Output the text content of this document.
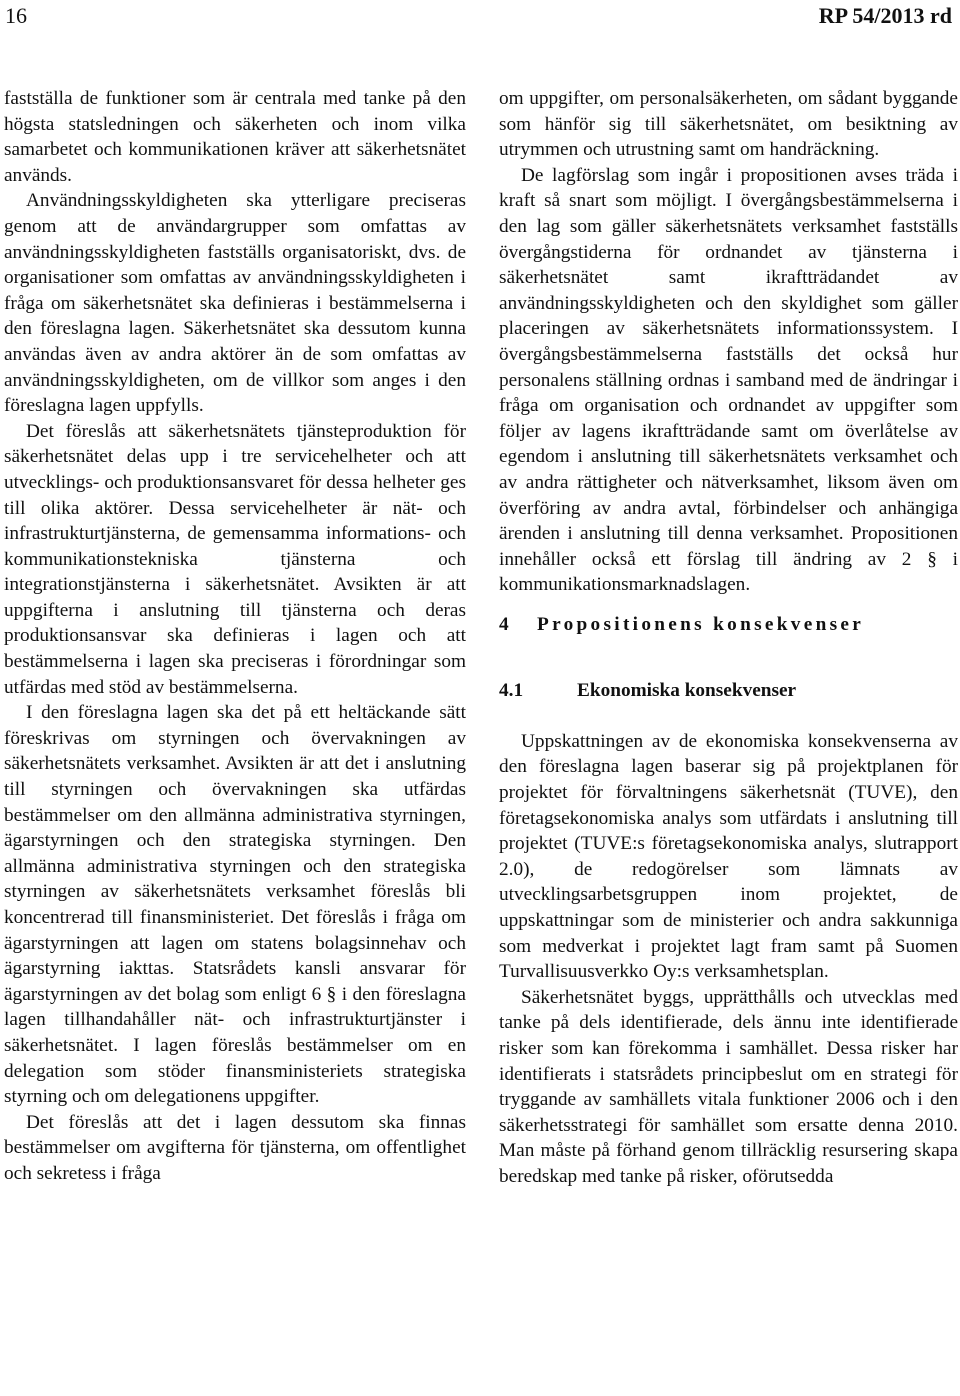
16	RP 54/2013 rd

fastställa de funktioner som är centrala med tanke på den högsta statsledningen och säkerheten och inom vilka samarbetet och kommunikationen kräver att säkerhetsnätet används.

Användningsskyldigheten ska ytterligare preciseras genom att de användargrupper som omfattas av användningsskyldigheten fastställs organisatoriskt, dvs. de organisationer som omfattas av användningsskyldigheten i fråga om säkerhetsnätet ska definieras i bestämmelserna i den föreslagna lagen. Säkerhetsnätet ska dessutom kunna användas även av andra aktörer än de som omfattas av användningsskyldigheten, om de villkor som anges i den föreslagna lagen uppfylls.

Det föreslås att säkerhetsnätets tjänsteproduktion för säkerhetsnätet delas upp i tre servicehelheter och att utvecklings- och produktionsansvaret för dessa helheter ges till olika aktörer. Dessa servicehelheter är nät- och infrastrukturtjänsterna, de gemensamma informations- och kommunikationstekniska tjänsterna och integrationstjänsterna i säkerhetsnätet. Avsikten är att uppgifterna i anslutning till tjänsterna och deras produktionsansvar ska definieras i lagen och att bestämmelserna i lagen ska preciseras i förordningar som utfärdas med stöd av bestämmelserna.

I den föreslagna lagen ska det på ett heltäckande sätt föreskrivas om styrningen och övervakningen av säkerhetsnätets verksamhet. Avsikten är att det i anslutning till styrningen och övervakningen ska utfärdas bestämmelser om den allmänna administrativa styrningen, ägarstyrningen och den strategiska styrningen. Den allmänna administrativa styrningen och den strategiska styrningen av säkerhetsnätets verksamhet föreslås bli koncentrerad till finansministeriet. Det föreslås i fråga om ägarstyrningen att lagen om statens bolagsinnehav och ägarstyrning iakttas. Statsrådets kansli ansvarar för ägarstyrningen av det bolag som enligt 6 § i den föreslagna lagen tillhandahåller nät- och infrastrukturtjänster i säkerhetsnätet. I lagen föreslås bestämmelser om en delegation som stöder finansministeriets strategiska styrning och om delegationens uppgifter.

Det föreslås att det i lagen dessutom ska finnas bestämmelser om avgifterna för tjänsterna, om offentlighet och sekretess i fråga

om uppgifter, om personalsäkerheten, om sådant byggande som hänför sig till säkerhetsnätet, om besiktning av utrymmen och utrustning samt om handräckning.

De lagförslag som ingår i propositionen avses träda i kraft så snart som möjligt. I övergångsbestämmelserna i den lag som gäller säkerhetsnätets verksamhet fastställs övergångstiderna för ordnandet av tjänsterna i säkerhetsnätet samt ikraftträdandet av användningsskyldigheten och den skyldighet som gäller placeringen av säkerhetsnätets informationssystem. I övergångsbestämmelserna fastställs det också hur personalens ställning ordnas i samband med de ändringar i fråga om organisation och ordnandet av uppgifter som följer av lagens ikraftträdande samt om överlåtelse av egendom i anslutning till säkerhetsnätets verksamhet och av andra rättigheter och nätverksamhet, liksom även om överföring av andra avtal, förbindelser och anhängiga ärenden i anslutning till denna verksamhet. Propositionen innehåller också ett förslag till ändring av 2 § i kommunikationsmarknadslagen.

4 Propositionens konsekvenser
4.1	Ekonomiska konsekvenser

Uppskattningen av de ekonomiska konsekvenserna av den föreslagna lagen baserar sig på projektplanen för projektet för förvaltningens säkerhetsnät (TUVE), den företagsekonomiska analys som utfärdats i anslutning till projektet (TUVE:s företagsekonomiska analys, slutrapport 2.0), de redogörelser som lämnats av utvecklingsarbetsgruppen inom projektet, de uppskattningar som de ministerier och andra sakkunniga som medverkat i projektet lagt fram samt på Suomen Turvallisuusverkko Oy:s verksamhetsplan.

Säkerhetsnätet byggs, upprätthålls och utvecklas med tanke på dels identifierade, dels ännu inte identifierade risker som kan förekomma i samhället. Dessa risker har identifierats i statsrådets principbeslut om en strategi för tryggande av samhällets vitala funktioner 2006 och i den säkerhetsstrategi för samhället som ersatte denna 2010. Man måste på förhand genom tillräcklig resursering skapa beredskap med tanke på risker, oförutsedda
